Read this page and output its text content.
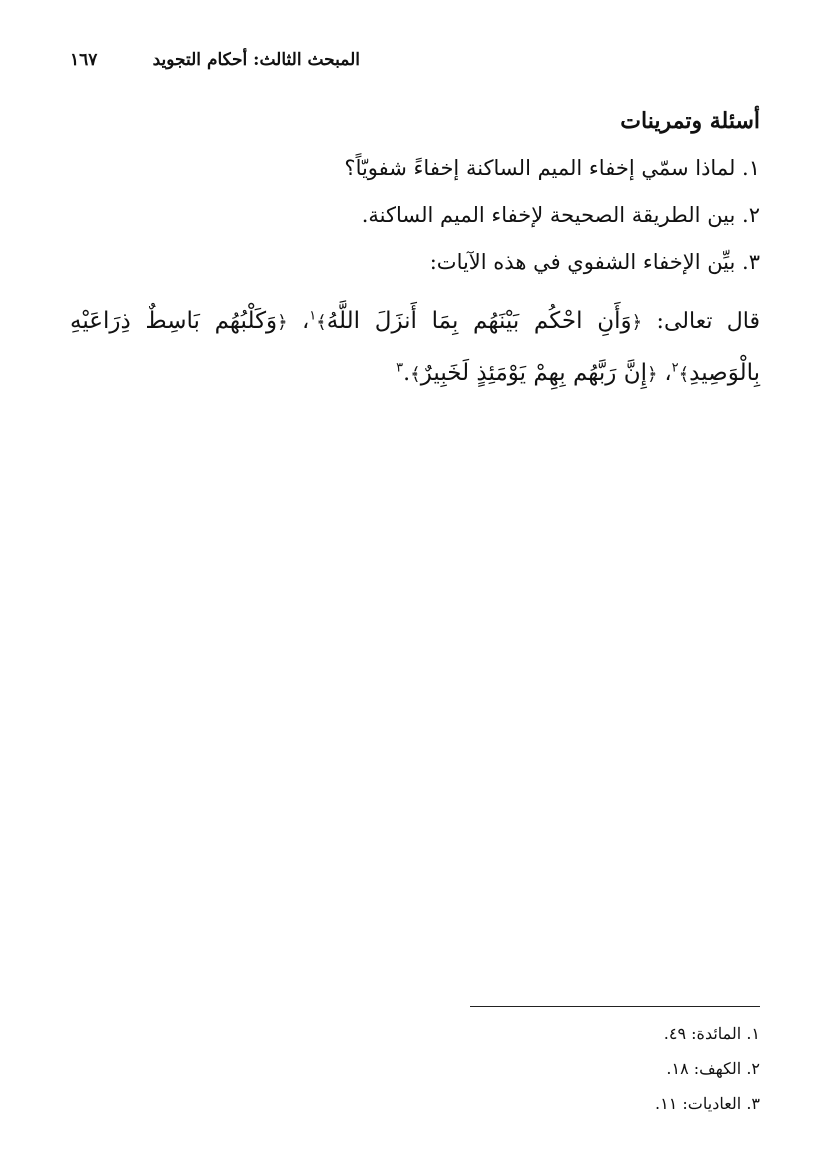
المبحث الثالث: أحكام التجويد
١٦٧
أسئلة وتمرينات
١. لماذا سمّي إخفاء الميم الساكنة إخفاءً شفويّاً؟
٢. بين الطريقة الصحيحة لإخفاء الميم الساكنة.
٣. بيِّن الإخفاء الشفوي في هذه الآيات:
قال تعالى: ﴿وَأَنِ احْكُم بَيْنَهُم بِمَا أَنزَلَ اللَّهُ﴾$^١$، ﴿وَكَلْبُهُم بَاسِطٌ ذِرَاعَيْهِ بِالْوَصِيدِ﴾$^٢$، ﴿إِنَّ رَبَّهُم بِهِمْ يَوْمَئِذٍ لَخَبِيرٌ﴾.$^٣$
١. المائدة: ٤٩.
٢. الكهف: ١٨.
٣. العاديات: ١١.
